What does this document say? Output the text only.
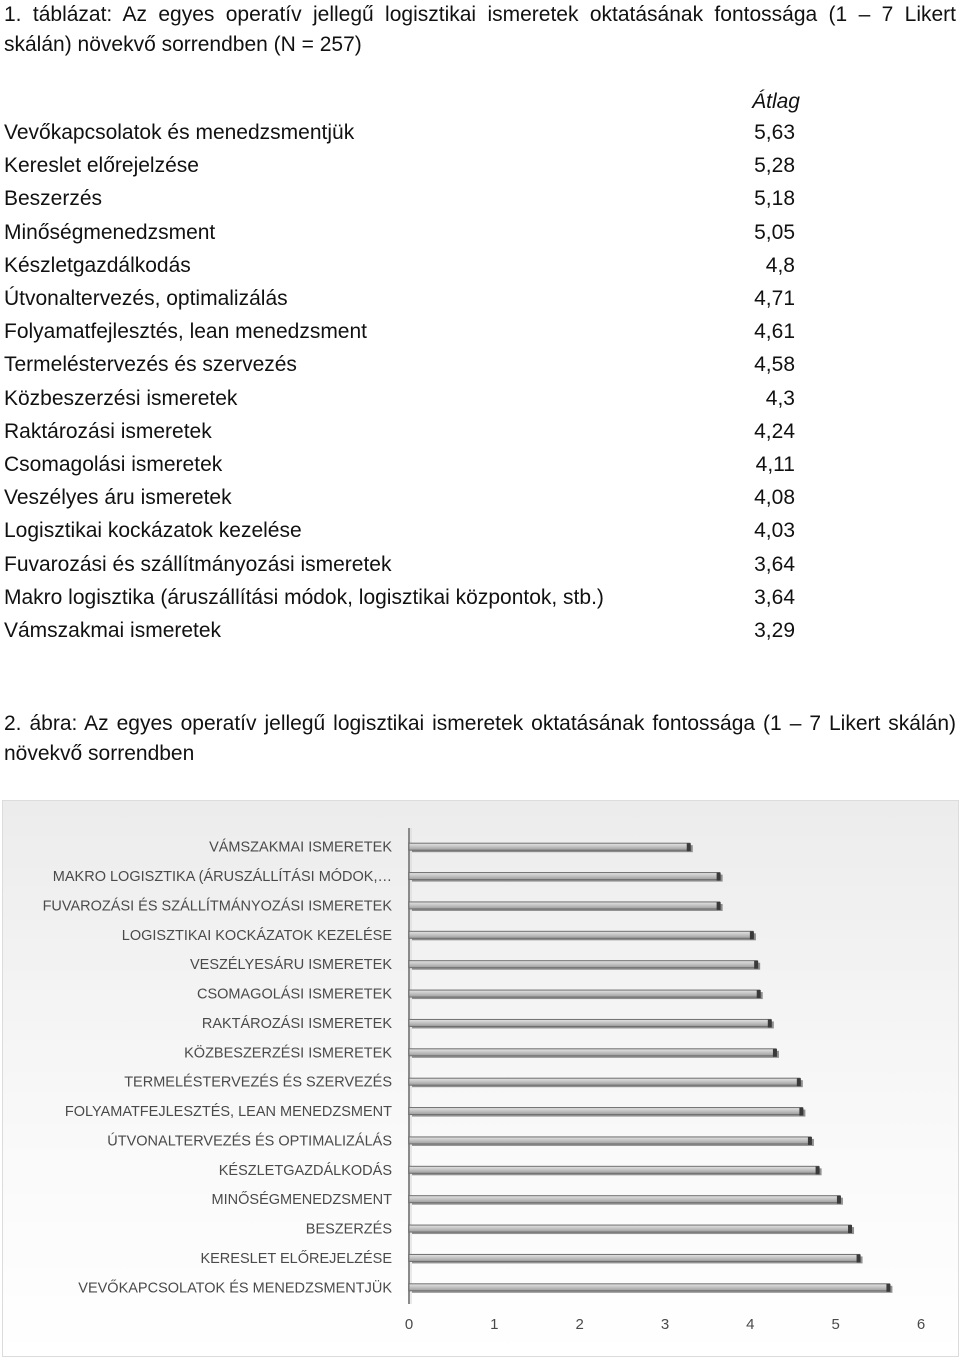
1. táblázat: Az egyes operatív jellegű logisztikai ismeretek oktatásának fontossága (1 – 7 Likert skálán) növekvő sorrendben (N = 257)
Átlag
Vevőkapcsolatok és menedzsmentjük	5,63
Kereslet előrejelzése	5,28
Beszerzés	5,18
Minőségmenedzsment	5,05
Készletgazdálkodás	4,8
Útvonaltervezés, optimalizálás	4,71
Folyamatfejlesztés, lean menedzsment	4,61
Termeléstervezés és szervezés	4,58
Közbeszerzési ismeretek	4,3
Raktározási ismeretek	4,24
Csomagolási ismeretek	4,11
Veszélyes áru ismeretek	4,08
Logisztikai kockázatok kezelése	4,03
Fuvarozási és szállítmányozási ismeretek	3,64
Makro logisztika (áruszállítási módok, logisztikai központok, stb.)	3,64
Vámszakmai ismeretek	3,29
2. ábra: Az egyes operatív jellegű logisztikai ismeretek oktatásának fontossága (1 – 7 Likert skálán) növekvő sorrendben
VÁMSZAKMAI ISMERETEK
MAKRO LOGISZTIKA (ÁRUSZÁLLÍTÁSI MÓDOK,…
FUVAROZÁSI ÉS SZÁLLÍTMÁNYOZÁSI ISMERETEK
LOGISZTIKAI KOCKÁZATOK KEZELÉSE
VESZÉLYESÁRU ISMERETEK
CSOMAGOLÁSI ISMERETEK
RAKTÁROZÁSI ISMERETEK
KÖZBESZERZÉSI ISMERETEK
TERMELÉSTERVEZÉS ÉS SZERVEZÉS
FOLYAMATFEJLESZTÉS, LEAN MENEDZSMENT
ÚTVONALTERVEZÉS ÉS OPTIMALIZÁLÁS
KÉSZLETGAZDÁLKODÁS
MINŐSÉGMENEDZSMENT
BESZERZÉS
KERESLET ELŐREJELZÉSE
VEVŐKAPCSOLATOK ÉS MENEDZSMENTJÜK
0	1	2	3	4	5	6
